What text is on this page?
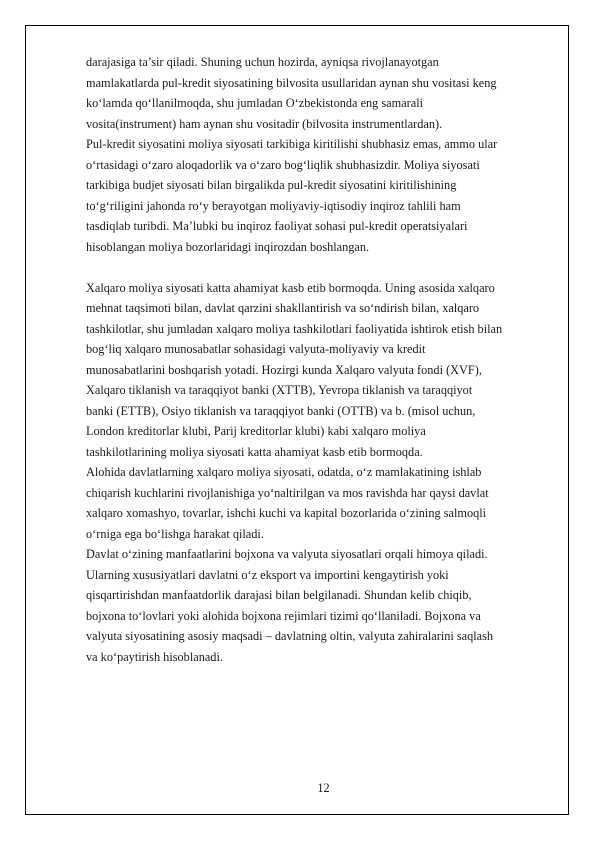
darajasiga ta’sir qiladi. Shuning uchun hozirda, ayniqsa rivojlanayotgan
mamlakatlarda pul-kredit siyosatining bilvosita usullaridan aynan shu vositasi keng
ko‘lamda qo‘llanilmoqda, shu jumladan O‘zbekistonda eng samarali
vosita(instrument) ham aynan shu vositadir (bilvosita instrumentlardan).
Pul-kredit siyosatini moliya siyosati tarkibiga kiritilishi shubhasiz emas, ammo ular
o‘rtasidagi o‘zaro aloqadorlik va o‘zaro bog‘liqlik shubhasizdir. Moliya siyosati
tarkibiga budjet siyosati bilan birgalikda pul-kredit siyosatini kiritilishining
to‘g‘riligini jahonda ro‘y berayotgan moliyaviy-iqtisodiy inqiroz tahlili ham
tasdiqlab turibdi. Ma’lubki bu inqiroz faoliyat sohasi pul-kredit operatsiyalari
hisoblangan moliya bozorlaridagi inqirozdan boshlangan.
Xalqaro moliya siyosati katta ahamiyat kasb etib bormoqda. Uning asosida xalqaro
mehnat taqsimoti bilan, davlat qarzini shakllantirish va so‘ndirish bilan, xalqaro
tashkilotlar, shu jumladan xalqaro moliya tashkilotlari faoliyatida ishtirok etish bilan
bog‘liq xalqaro munosabatlar sohasidagi valyuta-moliyaviy va kredit
munosabatlarini boshqarish yotadi. Hozirgi kunda Xalqaro valyuta fondi (XVF),
Xalqaro tiklanish va taraqqiyot banki (XTTB), Yevropa tiklanish va taraqqiyot
banki (ETTB), Osiyo tiklanish va taraqqiyot banki (OTTB) va b. (misol uchun,
London kreditorlar klubi, Parij kreditorlar klubi) kabi xalqaro moliya
tashkilotlarining moliya siyosati katta ahamiyat kasb etib bormoqda.
Alohida davlatlarning xalqaro moliya siyosati, odatda, o‘z mamlakatining ishlab
chiqarish kuchlarini rivojlanishiga yo‘naltirilgan va mos ravishda har qaysi davlat
xalqaro xomashyo, tovarlar, ishchi kuchi va kapital bozorlarida o‘zining salmoqli
o‘rniga ega bo‘lishga harakat qiladi.
Davlat o‘zining manfaatlarini bojxona va valyuta siyosatlari orqali himoya qiladi.
Ularning xususiyatlari davlatni o‘z eksport va importini kengaytirish yoki
qisqartirishdan manfaatdorlik darajasi bilan belgilanadi. Shundan kelib chiqib,
bojxona to‘lovlari yoki alohida bojxona rejimlari tizimi qo‘llaniladi. Bojxona va
valyuta siyosatining asosiy maqsadi – davlatning oltin, valyuta zahiralarini saqlash
va ko‘paytirish hisoblanadi.
12
